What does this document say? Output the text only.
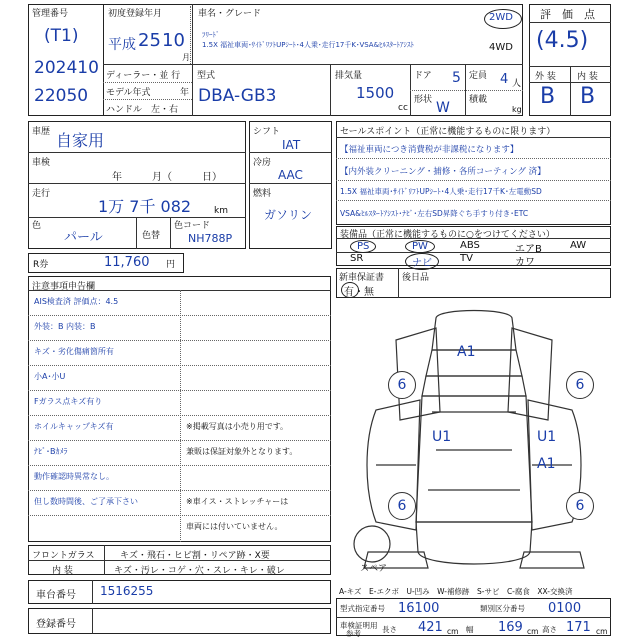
管理番号
(T1)
202410
22050
初度登録年月
平成 25 10
月
車名・グレード
ﾌﾘｰﾄﾞ
1.5X 福祉車両･ｻｲﾄﾞﾘﾌﾄUPｼｰﾄ･4人乗･走行17千K･VSA&ﾋﾙｽﾀｰﾄｱｼｽﾄ
2WD
4WD
ディーラー・並 行
モデル年式	年
ハンドル　左・右
型式
DBA-GB3
排気量
1500
cc
ドア 5
形状 W
定員 4 人
積載
kg
評　価　点
(4.5)
外 装 内 装
B B
車歴 自家用
車検
年　　　月（　　　日）
走行
1万 7千 082	km
色
パール	色替
色コード
NH788P
R券	11,760 円
シフト
IAT
冷房
AAC
燃料
ガソリン
セールスポイント（正常に機能するものに限ります）
【福祉車両につき消費税が非課税になります】
【内外装クリーニング・捕修・各所コーティング 済】
1.5X 福祉車両･ｻｲﾄﾞﾘﾌﾄUPｼｰﾄ･4人乗･走行17千K･左電動SD
VSA&ﾋﾙｽﾀｰﾄｱｼｽﾄ･ﾅﾋﾞ･左右SD昇降ぐち手すり付き･ETC
装備品（正常に機能するものに○をつけてください）
PS	PW	ABS	エアB	AW
SR	ナビ	TV	カワ
新車保証書
有・無
後日品
注意事項申告欄
AIS検査済 評価点：4.5
外装：B 内装：B
キズ・劣化傷痛箇所有
小A･小U
Fガラス点キズ有り
ホイルキャップキズ有	※掲載写真は小売り用です。
ﾅﾋﾞ･Bｶﾒﾗ	兼販は保証対象外となります。
動作確認時異常なし。
但し数時間後、ご了承下さい	※車イス・ストレッチャーは
車両には付いていません。
フロントガラス	キズ・飛石・ヒビ割・リペア跡・X要
内 装	キズ・汚レ・コゲ・穴・スレ・キレ・破レ
車台番号 1516255
登録番号
A1
6	6
U1	U1
A1
6	6
スペア
A-キズ　E-エクボ　U-凹み　W-補修跡　S-サビ　C-腐食　XX-交換済
型式指定番号 16100	類別区分番号 0100
車検証明用
参考	長さ 421 cm 幅 169 cm 高さ 171 cm
